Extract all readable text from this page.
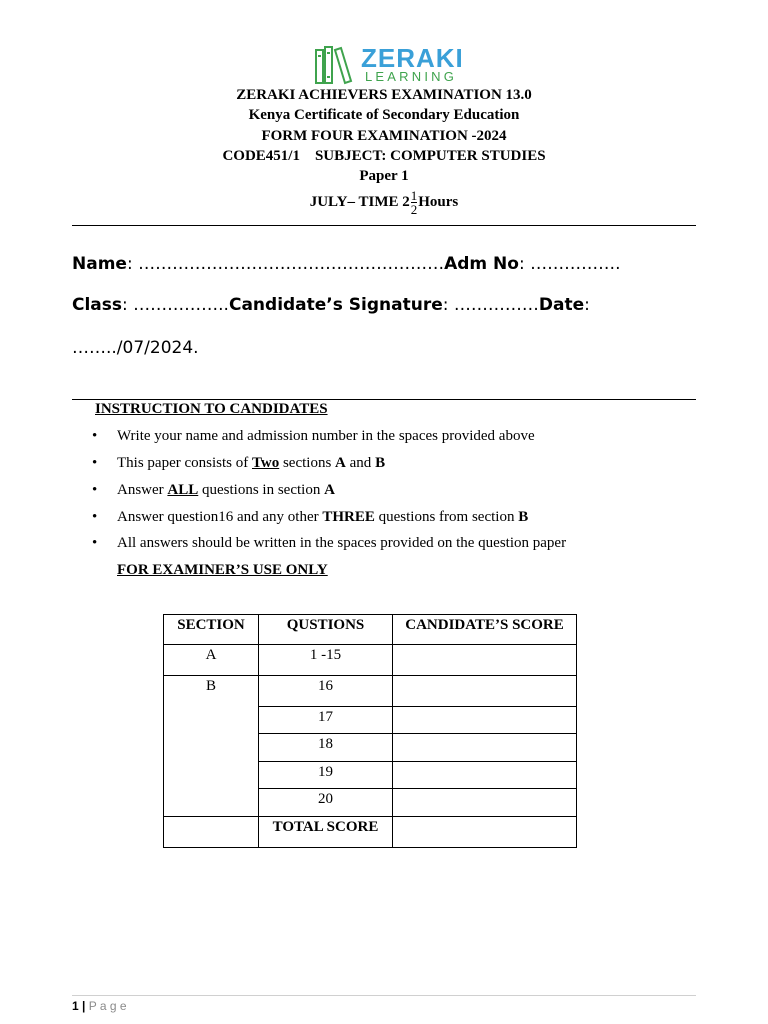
ZERAKI
LEARNING
ZERAKI ACHIEVERS EXAMINATION 13.0
Kenya Certificate of Secondary Education
FORM FOUR EXAMINATION -2024
CODE451/1 SUBJECT: COMPUTER STUDIES
Paper 1
JULY– TIME $2 \frac{1}{2}$ Hours
Name: ………………………………………………Adm No: …………….
Class: ……………..Candidate’s Signature: ……………Date:
……../07/2024.
INSTRUCTION TO CANDIDATES
• Write your name and admission number in the spaces provided above
• This paper consists of Two sections A and B
• Answer ALL questions in section A
• Answer question16 and any other THREE questions from section B
• All answers should be written in the spaces provided on the question paper
FOR EXAMINER’S USE ONLY
SECTION	QUSTIONS	CANDIDATE’S SCORE
A	1 -15	
B	16	
	17	
	18	
	19	
	20	
	TOTAL SCORE	
1 | P a g e
